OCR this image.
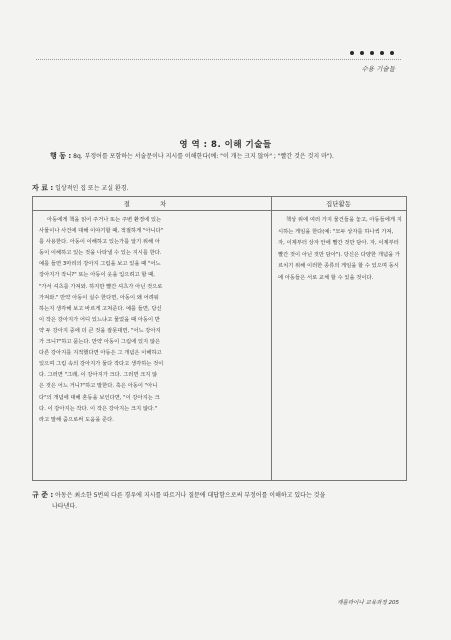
수용 기술들
영 역 : 8. 이해 기술들
행 동 : 8q. 부정어를 포함하는 서술문이나 지시를 이해한다(예: "이 개는 크지 않아" ; "빨간 것은 것지 마").
자 료 : 일상적인 집 또는 교실 환경.
절 차	집단활동
아동에게 책을 읽어 주거나 또는 주변 환경에 있는
사물이나 사건에 대해 이야기할 때, 적절하게 "아니다"
를 사용한다. 아동이 이해하고 있는가를 알기 위해 아
동이 이해하고 있는 것을 나타낼 수 있는 지시를 한다.
예를 들면 3마리의 강아지 그림을 보고 있을 때 "어느
강아지가 작니?" 또는 아동이 옷을 입으려고 할 때,
"가서 셔츠를 가져와. 하지만 빨간 셔츠가 아닌 것으로
가져와." 만약 아동이 실수 한다면, 아동이 왜 어려워
하는지 생각해 보고 바르게 고쳐준다. 예를 들면, 당신
이 작은 강아지가 어디 있느냐고 물었을 때 아동이 반
약 두 강아지 중에 더 큰 것을 잘못대면, "어느 강아지
가 크니?"하고 묻는다. 만약 아동이 그림에 있지 않은
다른 강아지를 지적했다면 아동은 그 개념은 이해하고
있으며 그림 속의 강아지가 둘다 작다고 생각하는 것이
다. 그러면 "그래, 이 강아지가 크다. 그러면 크지 않
은 것은 어느 거니?"하고 말한다. 혹은 아동이 "아니
다"의 개념에 대해 혼동을 보인다면, "이 강아지는 크
다. 이 강아지는 작다. 이 작은 강아지는 크지 않다."
라고 말해 줌으로써 도움을 준다.
책상 위에 여러 가지 물건들을 놓고, 아동들에게 지
시하는 게임을 한다(예: "모두 상자를 하나씩 가져,
자, 이제부터 상자 안에 빨간 것만 담아. 자, 이제부터
빨간 것이 아닌 것만 담아"). 당신은 다양한 개념을 가
르치기 위해 이러한 종류의 게임을 할 수 있으며 동시
에 아동들은 서로 교체 할 수 있을 것이다.
규 준 : 아동은 최소한 5번의 다른 경우에 지시를 따르거나 질문에 대답함으로써 부정어를 이해하고 있다는 것을
나타낸다.
캐롤라이나 교육과정 205
